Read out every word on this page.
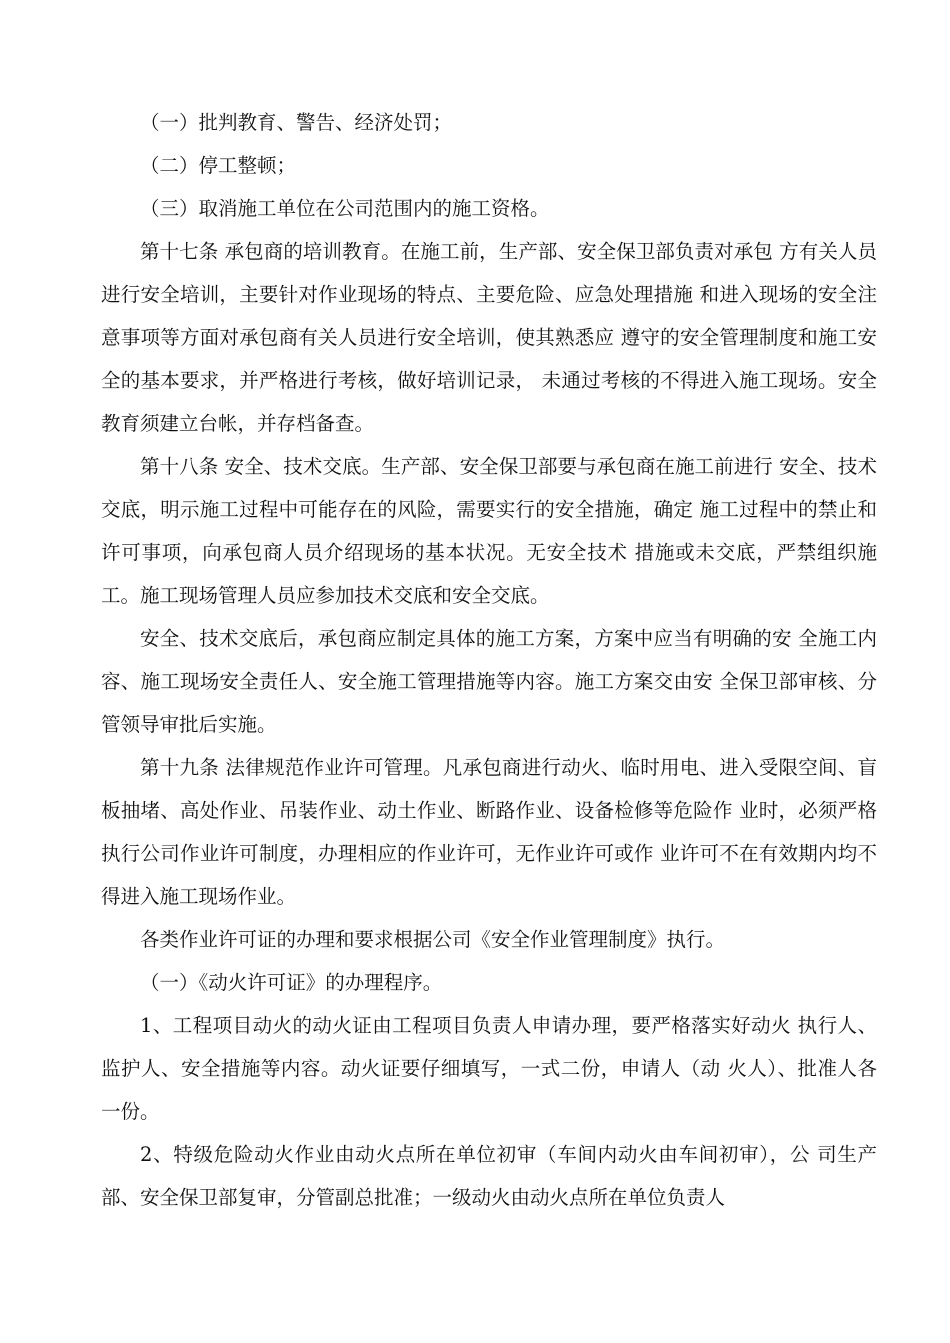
（一）批判教育、警告、经济处罚；

（二）停工整顿；

（三）取消施工单位在公司范围内的施工资格。

第十七条 承包商的培训教育。在施工前，生产部、安全保卫部负责对承包 方有关人员进行安全培训，主要针对作业现场的特点、主要危险、应急处理措施 和进入现场的安全注意事项等方面对承包商有关人员进行安全培训，使其熟悉应 遵守的安全管理制度和施工安全的基本要求，并严格进行考核，做好培训记录， 未通过考核的不得进入施工现场。安全教育须建立台帐，并存档备查。

第十八条 安全、技术交底。生产部、安全保卫部要与承包商在施工前进行 安全、技术交底，明示施工过程中可能存在的风险，需要实行的安全措施，确定 施工过程中的禁止和许可事项，向承包商人员介绍现场的基本状况。无安全技术 措施或未交底，严禁组织施工。施工现场管理人员应参加技术交底和安全交底。

安全、技术交底后，承包商应制定具体的施工方案，方案中应当有明确的安 全施工内容、施工现场安全责任人、安全施工管理措施等内容。施工方案交由安 全保卫部审核、分管领导审批后实施。

第十九条 法律规范作业许可管理。凡承包商进行动火、临时用电、进入受限空间、盲板抽堵、高处作业、吊装作业、动土作业、断路作业、设备检修等危险作 业时，必须严格执行公司作业许可制度，办理相应的作业许可，无作业许可或作 业许可不在有效期内均不得进入施工现场作业。

各类作业许可证的办理和要求根据公司《安全作业管理制度》执行。

（一）《动火许可证》的办理程序。

1、工程项目动火的动火证由工程项目负责人申请办理，要严格落实好动火 执行人、监护人、安全措施等内容。动火证要仔细填写，一式二份，申请人（动 火人）、批准人各一份。

2、特级危险动火作业由动火点所在单位初审（车间内动火由车间初审），公 司生产部、安全保卫部复审，分管副总批准；一级动火由动火点所在单位负责人
